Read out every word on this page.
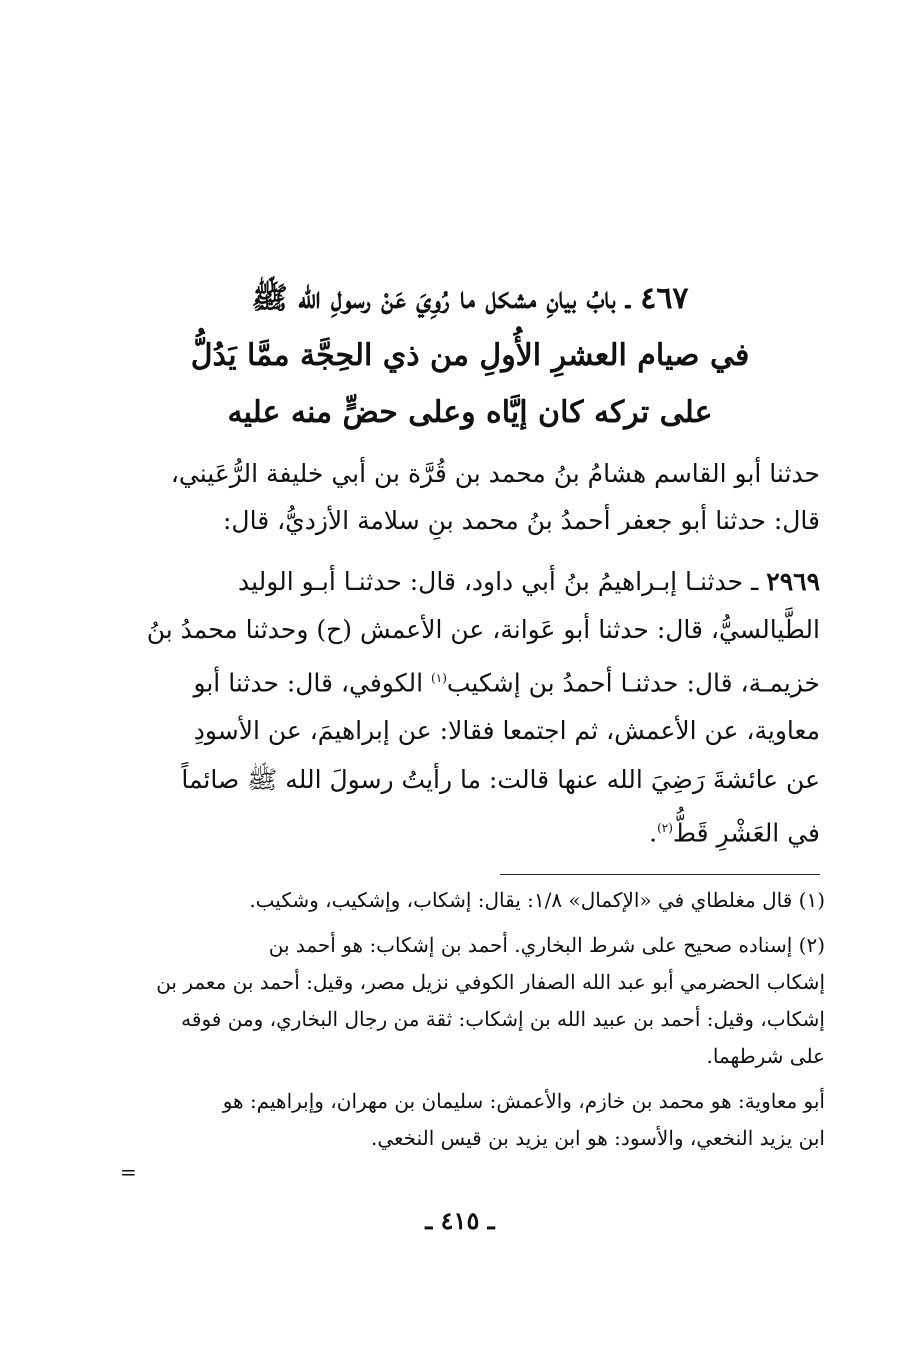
٤٦٧ ـ بابُ بيانِ مشكل ما رُوِيَ عَنْ رسولِ الله ﷺ
في صيام العشرِ الأُولِ من ذي الحِجَّة ممَّا يَدُلُّ
على تركه كان إيَّاه وعلى حضٍّ منه عليه
حدثنا أبو القاسم هشامُ بنُ محمد بن قُرَّة بن أبي خليفة الرُّعَيني،
قال: حدثنا أبو جعفر أحمدُ بنُ محمد بنِ سلامة الأزديُّ، قال:
٢٩٦٩ ـ حدثنـا إبـراهيمُ بنُ أبي داود، قال: حدثنـا أبـو الوليد
الطَّيالسيُّ، قال: حدثنا أبو عَوانة، عن الأعمش (ح) وحدثنا محمدُ بنُ
خزيمـة، قال: حدثنـا أحمدُ بن إشكيب$^{(١)}$ الكوفي، قال: حدثنا أبو
معاوية، عن الأعمش، ثم اجتمعا فقالا: عن إبراهيمَ، عن الأسودِ
عن عائشةَ رَضِيَ الله عنها قالت: ما رأيتُ رسولَ الله ﷺ صائماً
في العَشْرِ قَطُّ$^{(٢)}$.
(١) قال مغلطاي في «الإكمال» ١/٨: يقال: إشكاب، وإشكيب، وشكيب.
(٢) إسناده صحيح على شرط البخاري. أحمد بن إشكاب: هو أحمد بن
إشكاب الحضرمي أبو عبد الله الصفار الكوفي نزيل مصر، وقيل: أحمد بن معمر بن
إشكاب، وقيل: أحمد بن عبيد الله بن إشكاب: ثقة من رجال البخاري، ومن فوقه
على شرطهما.
أبو معاوية: هو محمد بن خازم، والأعمش: سليمان بن مهران، وإبراهيم: هو
ابن يزيد النخعي، والأسود: هو ابن يزيد بن قيس النخعي.
=
ـ ٤١٥ ـ
